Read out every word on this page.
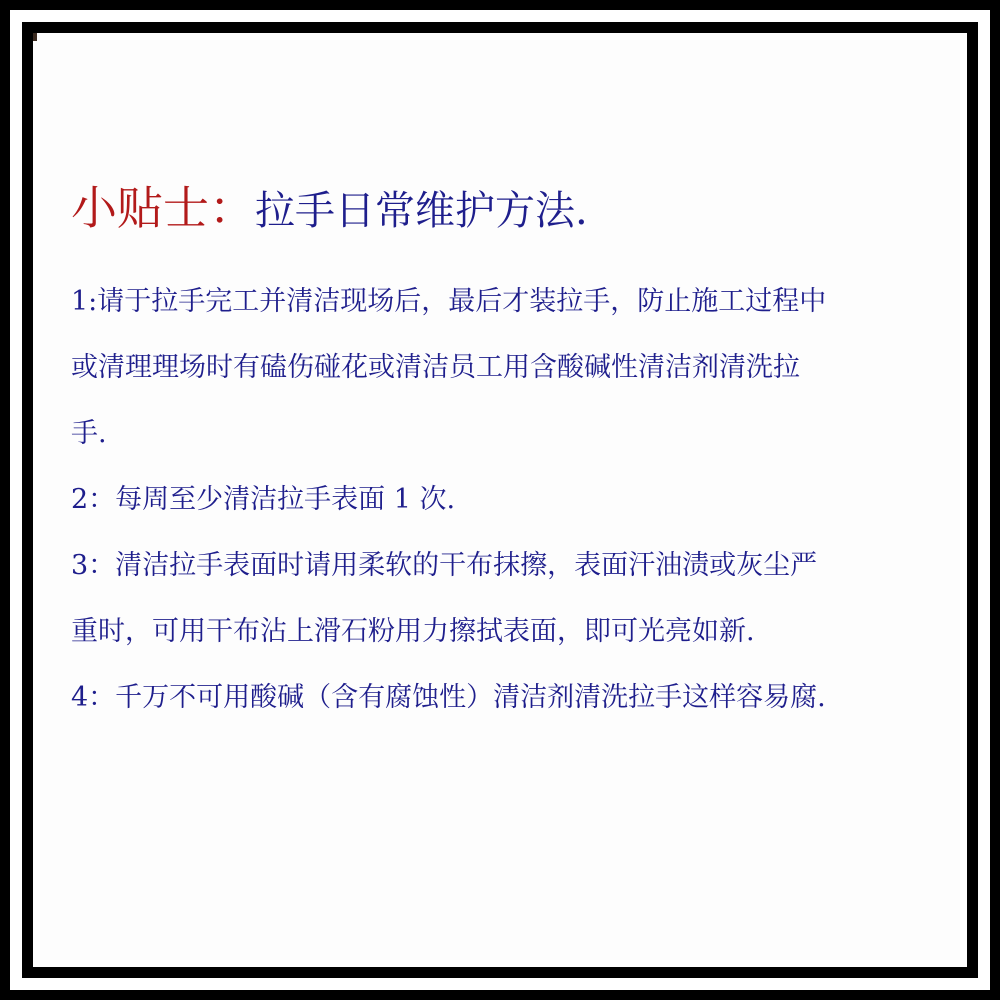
小贴士：拉手日常维护方法.

1:请于拉手完工并清洁现场后，最后才装拉手，防止施工过程中

或清理理场时有磕伤碰花或清洁员工用含酸碱性清洁剂清洗拉

手.

2：每周至少清洁拉手表面 1 次.

3：清洁拉手表面时请用柔软的干布抹擦，表面汗油渍或灰尘严

重时，可用干布沾上滑石粉用力擦拭表面，即可光亮如新.

4：千万不可用酸碱（含有腐蚀性）清洁剂清洗拉手这样容易腐.
